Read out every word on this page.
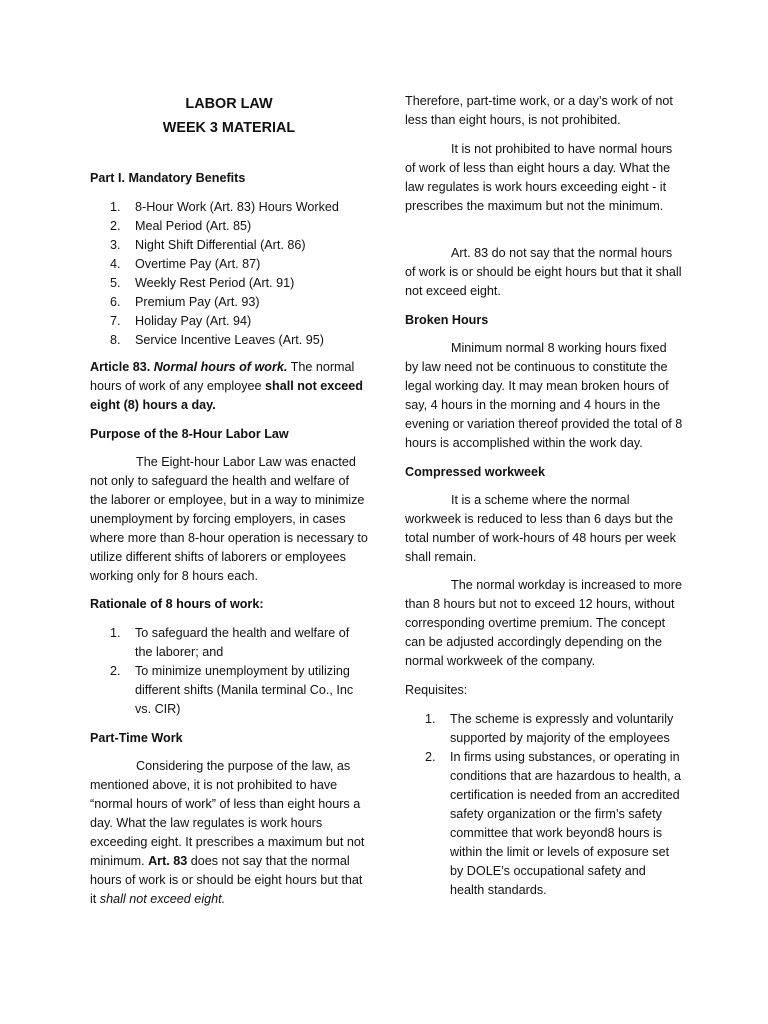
LABOR LAW
WEEK 3 MATERIAL

Part I. Mandatory Benefits

1. 8-Hour Work (Art. 83) Hours Worked
2. Meal Period (Art. 85)
3. Night Shift Differential (Art. 86)
4. Overtime Pay (Art. 87)
5. Weekly Rest Period (Art. 91)
6. Premium Pay (Art. 93)
7. Holiday Pay (Art. 94)
8. Service Incentive Leaves (Art. 95)

Article 83. Normal hours of work. The normal hours of work of any employee shall not exceed eight (8) hours a day.

Purpose of the 8-Hour Labor Law

The Eight-hour Labor Law was enacted not only to safeguard the health and welfare of the laborer or employee, but in a way to minimize unemployment by forcing employers, in cases where more than 8-hour operation is necessary to utilize different shifts of laborers or employees working only for 8 hours each.

Rationale of 8 hours of work:

1. To safeguard the health and welfare of the laborer; and
2. To minimize unemployment by utilizing different shifts (Manila terminal Co., Inc vs. CIR)

Part-Time Work

Considering the purpose of the law, as mentioned above, it is not prohibited to have “normal hours of work” of less than eight hours a day. What the law regulates is work hours exceeding eight. It prescribes a maximum but not minimum. Art. 83 does not say that the normal hours of work is or should be eight hours but that it shall not exceed eight.

Therefore, part-time work, or a day’s work of not less than eight hours, is not prohibited.

It is not prohibited to have normal hours of work of less than eight hours a day. What the law regulates is work hours exceeding eight - it prescribes the maximum but not the minimum.

Art. 83 do not say that the normal hours of work is or should be eight hours but that it shall not exceed eight.

Broken Hours

Minimum normal 8 working hours fixed by law need not be continuous to constitute the legal working day. It may mean broken hours of say, 4 hours in the morning and 4 hours in the evening or variation thereof provided the total of 8 hours is accomplished within the work day.

Compressed workweek

It is a scheme where the normal workweek is reduced to less than 6 days but the total number of work-hours of 48 hours per week shall remain.

The normal workday is increased to more than 8 hours but not to exceed 12 hours, without corresponding overtime premium. The concept can be adjusted accordingly depending on the normal workweek of the company.

Requisites:

1. The scheme is expressly and voluntarily supported by majority of the employees
2. In firms using substances, or operating in conditions that are hazardous to health, a certification is needed from an accredited safety organization or the firm’s safety committee that work beyond8 hours is within the limit or levels of exposure set by DOLE’s occupational safety and health standards.
